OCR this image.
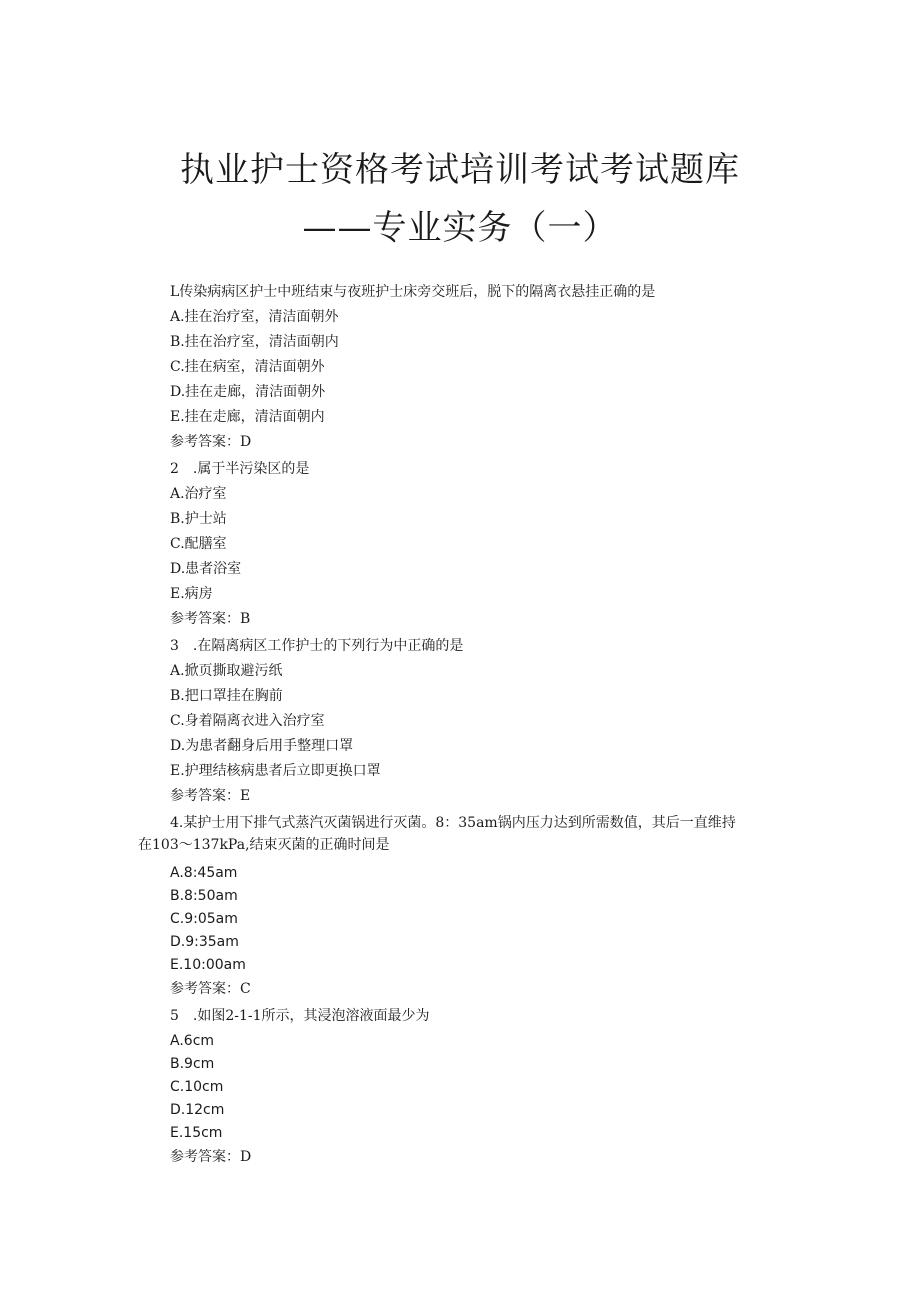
执业护士资格考试培训考试考试题库
——专业实务（一）

L传染病病区护士中班结束与夜班护士床旁交班后，脱下的隔离衣悬挂正确的是

A.挂在治疗室，清洁面朝外

B.挂在治疗室，清洁面朝内

C.挂在病室，清洁面朝外

D.挂在走廊，清洁面朝外

E.挂在走廊，清洁面朝内

参考答案：D

2　.属于半污染区的是

A.治疗室

B.护士站

C.配膳室

D.患者浴室

E.病房

参考答案：B

3　.在隔离病区工作护士的下列行为中正确的是

A.掀页撕取避污纸

B.把口罩挂在胸前

C.身着隔离衣进入治疗室

D.为患者翻身后用手整理口罩

E.护理结核病患者后立即更换口罩

参考答案：E

4.某护士用下排气式蒸汽灭菌锅进行灭菌。8：35am锅内压力达到所需数值，其后一直维持
在103～137kPa,结束灭菌的正确时间是

A.8:45am

B.8:50am

C.9:05am

D.9:35am

E.10:00am

参考答案：C

5　.如图2-1-1所示，其浸泡溶液面最少为

A.6cm

B.9cm

C.10cm

D.12cm

E.15cm

参考答案：D
